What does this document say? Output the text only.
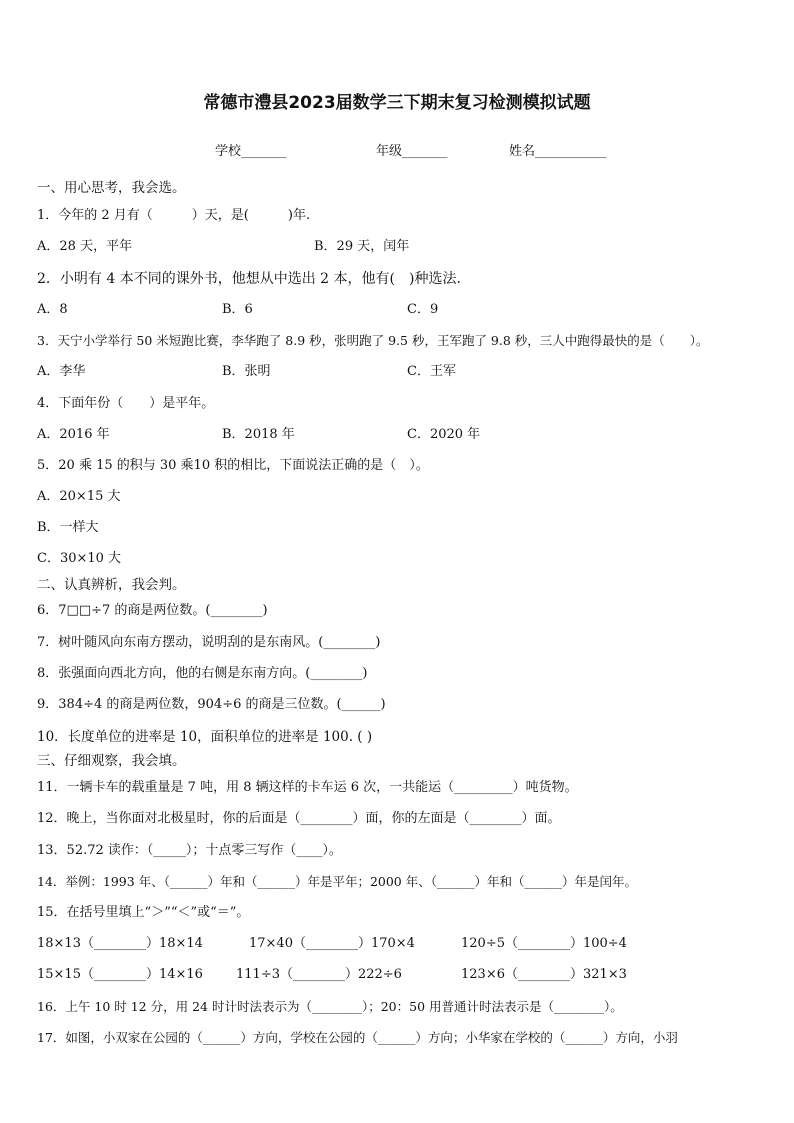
常德市澧县2023届数学三下期末复习检测模拟试题
学校_______	年级_______	姓名___________
一、用心思考，我会选。
1．今年的 2 月有（　　　）天，是(　　　)年.
A．28 天，平年	B．29 天，闰年
2．小明有 4 本不同的课外书，他想从中选出 2 本，他有(　)种选法.
A．8	B．6	C．9
3．天宁小学举行 50 米短跑比赛，李华跑了 8.9 秒，张明跑了 9.5 秒，王军跑了 9.8 秒，三人中跑得最快的是（　　）。
A．李华	B．张明	C．王军
4．下面年份（　　）是平年。
A．2016 年	B．2018 年	C．2020 年
5．20 乘 15 的积与 30 乘10 积的相比，下面说法正确的是（　）。
A．20×15 大
B．一样大
C．30×10 大
二、认真辨析，我会判。
6．7□□÷7 的商是两位数。(________)
7．树叶随风向东南方摆动，说明刮的是东南风。(________)
8．张强面向西北方向，他的右侧是东南方向。(________)
9．384÷4 的商是两位数，904÷6 的商是三位数。(______)
10．长度单位的进率是 10，面积单位的进率是 100. ( )
三、仔细观察，我会填。
11．一辆卡车的载重量是 7 吨，用 8 辆这样的卡车运 6 次，一共能运（_________）吨货物。
12．晚上，当你面对北极星时，你的后面是（________）面，你的左面是（________）面。
13．52.72 读作：（_____）；十点零三写作（____）。
14．举例：1993 年、（______）年和（______）年是平年；2000 年、（______）年和（______）年是闰年。
15．在括号里填上“＞”“＜”或“＝”。
18×13（________）18×14	17×40（________）170×4	120÷5（________）100÷4
15×15（________）14×16	111÷3（________）222÷6	123×6（________）321×3
16．上午 10 时 12 分，用 24 时计时法表示为（________）；20：50 用普通计时法表示是（________）。
17．如图，小双家在公园的（______）方向，学校在公园的（______）方向；小华家在学校的（______）方向，小羽
